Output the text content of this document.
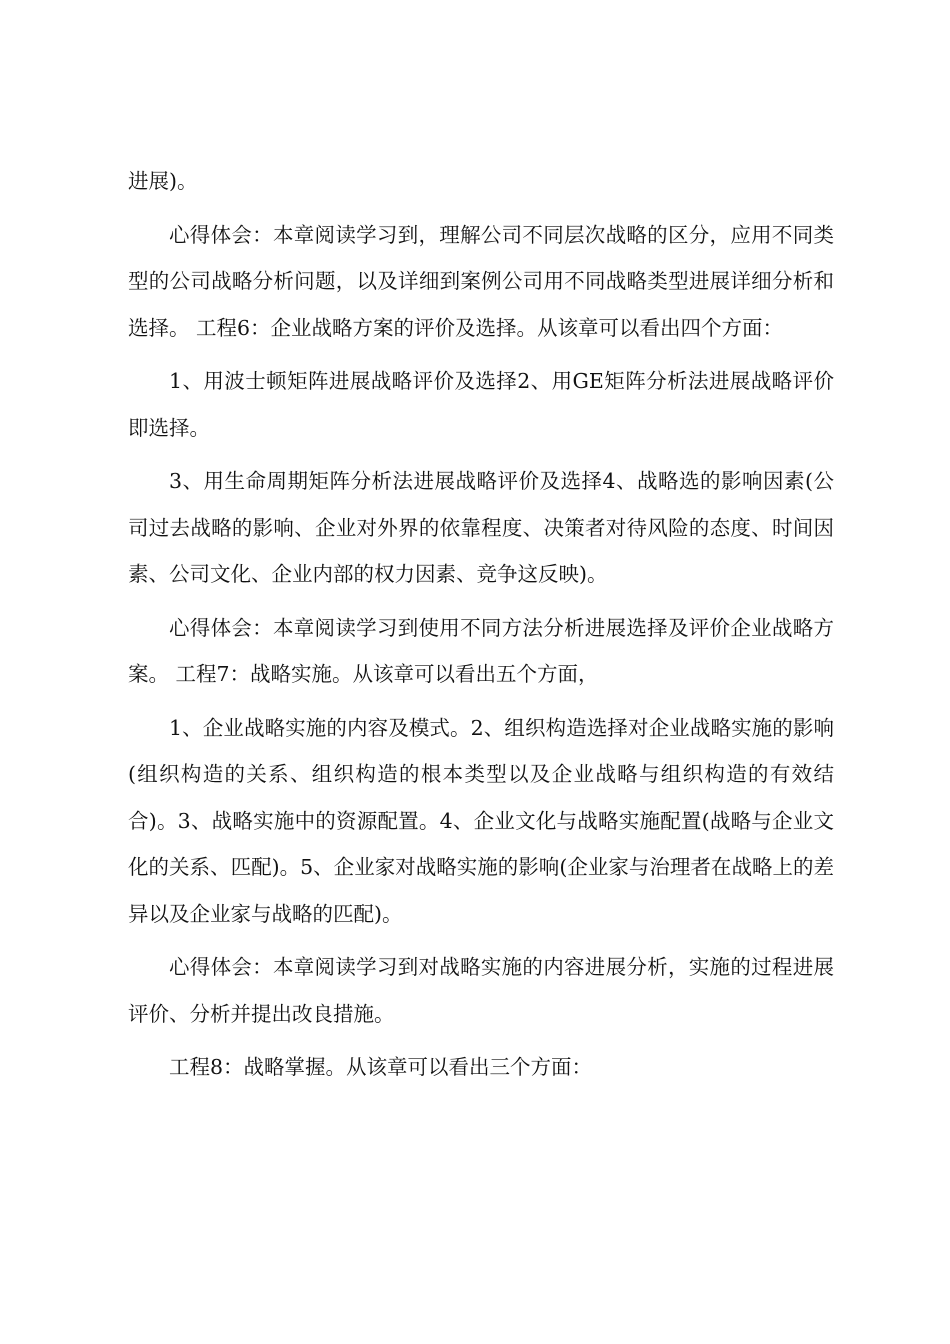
进展)。

心得体会：本章阅读学习到，理解公司不同层次战略的区分，应用不同类型的公司战略分析问题，以及详细到案例公司用不同战略类型进展详细分析和选择。 工程6：企业战略方案的评价及选择。从该章可以看出四个方面：

1、用波士顿矩阵进展战略评价及选择2、用GE矩阵分析法进展战略评价即选择。

3、用生命周期矩阵分析法进展战略评价及选择4、战略选的影响因素(公司过去战略的影响、企业对外界的依靠程度、决策者对待风险的态度、时间因素、公司文化、企业内部的权力因素、竞争这反映)。

心得体会：本章阅读学习到使用不同方法分析进展选择及评价企业战略方案。 工程7：战略实施。从该章可以看出五个方面，

1、企业战略实施的内容及模式。2、组织构造选择对企业战略实施的影响(组织构造的关系、组织构造的根本类型以及企业战略与组织构造的有效结合)。3、战略实施中的资源配置。4、企业文化与战略实施配置(战略与企业文化的关系、匹配)。5、企业家对战略实施的影响(企业家与治理者在战略上的差异以及企业家与战略的匹配)。

心得体会：本章阅读学习到对战略实施的内容进展分析，实施的过程进展评价、分析并提出改良措施。

工程8：战略掌握。从该章可以看出三个方面：
